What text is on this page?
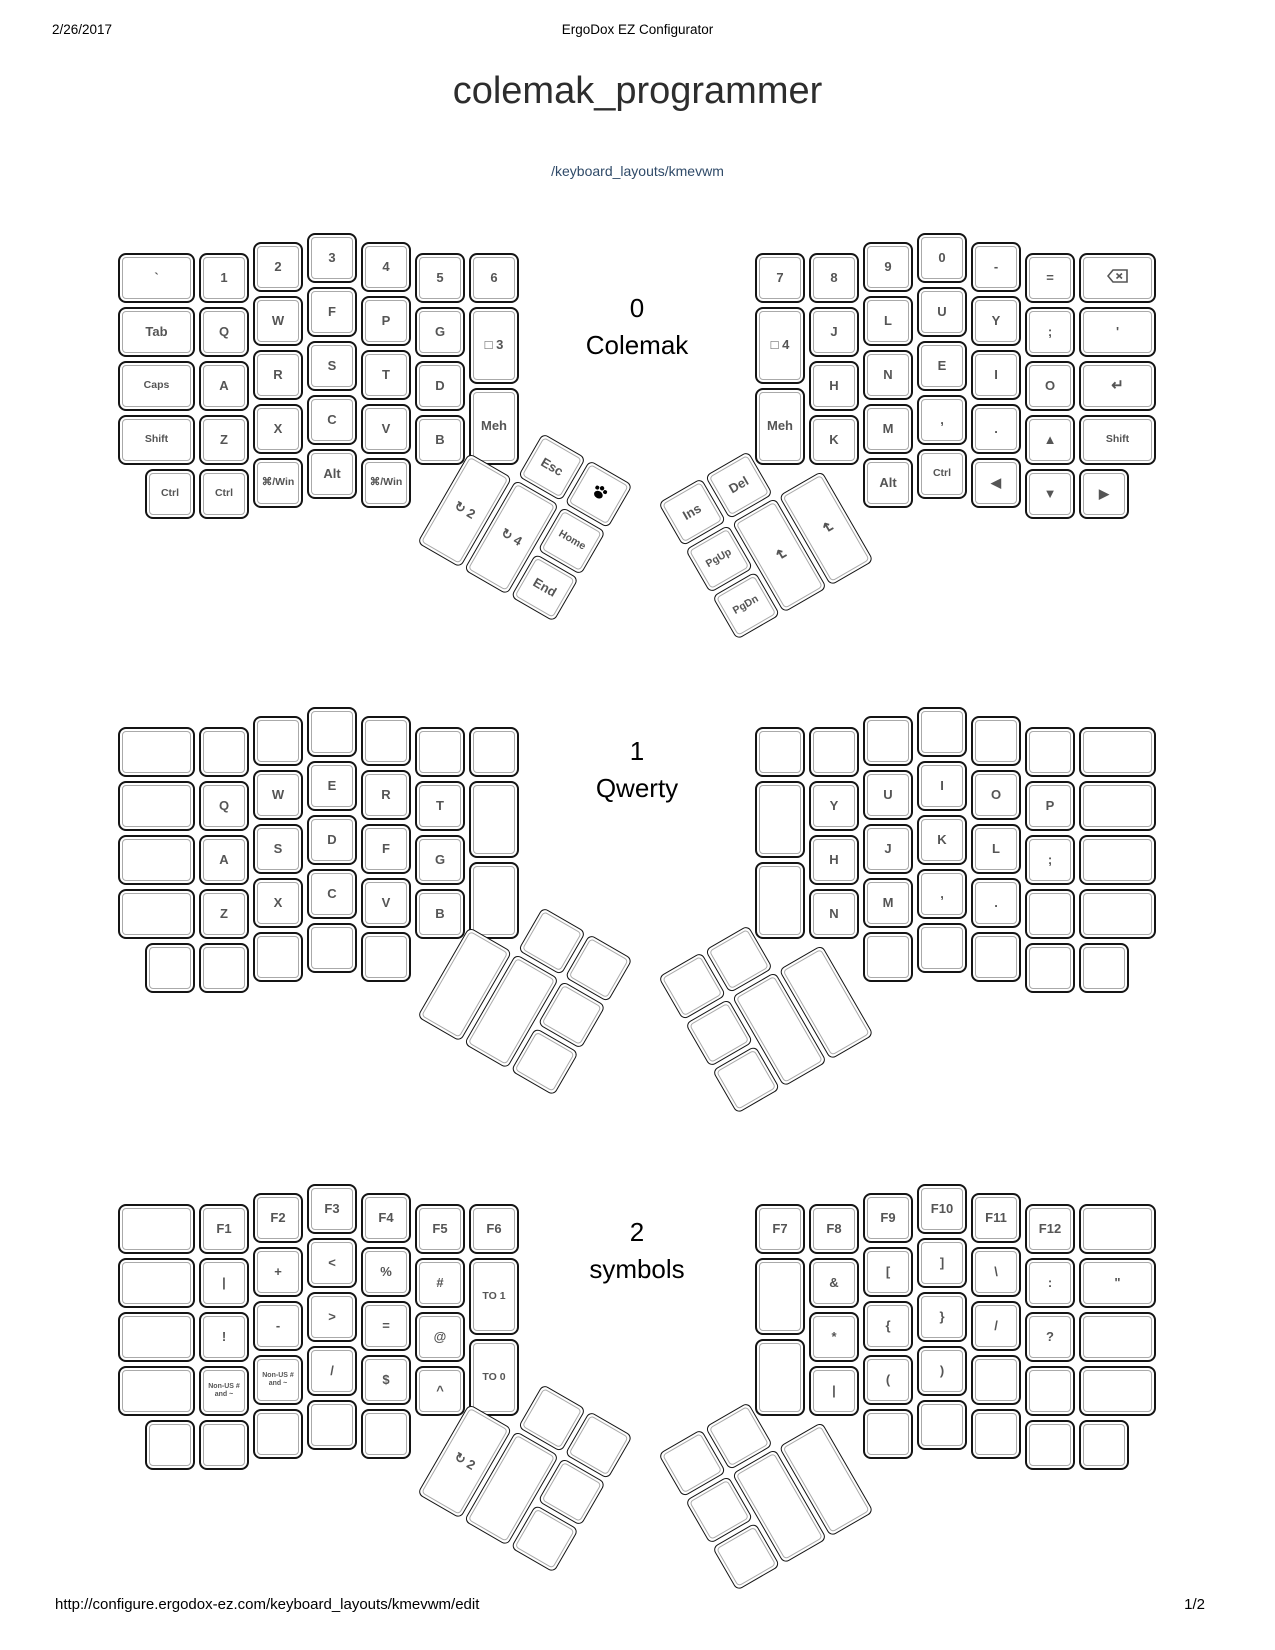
2/26/2017	ErgoDox EZ Configurator
colemak_programmer
/keyboard_layouts/kmevwm
`	1
2
3
4
5	6
Tab	Q
W
F
P
G
□ 3
Caps	A
R
S
T
D
Shift	Z
X
C
V
B
Meh
Ctrl	Ctrl
⌘/Win
Alt
⌘/Win
7	8
9
0
-
=
□ 4
J
L
U
Y
;	'
H
N
E
I
O	↵
Meh
K
M
,
.
▲	Shift
Alt
Ctrl
◀
▼	▶
Esc
↻ 2
↻ 4	Home
End
Ins
Del
PgUp
PgDn
↵
↵
0
Colemak
Q
W
E
R
T
A
S
D
F
G
Z
X
C
V
B
Y
U
I
O
P
H
J
K
L
;
N
M
,
.
1
Qwerty
F1
F2
F3
F4
F5	F6
|
+
<
%
#
TO 1
!
-
>
=
@
Non-US # and ~
Non-US # and ~
/
$
^
TO 0
F7	F8
F9
F10
F11
F12
&
[
]
\
:	"
*
{
}
/
?
|
(
)
↻ 2
2
symbols
http://configure.ergodox-ez.com/keyboard_layouts/kmevwm/edit	1/2
